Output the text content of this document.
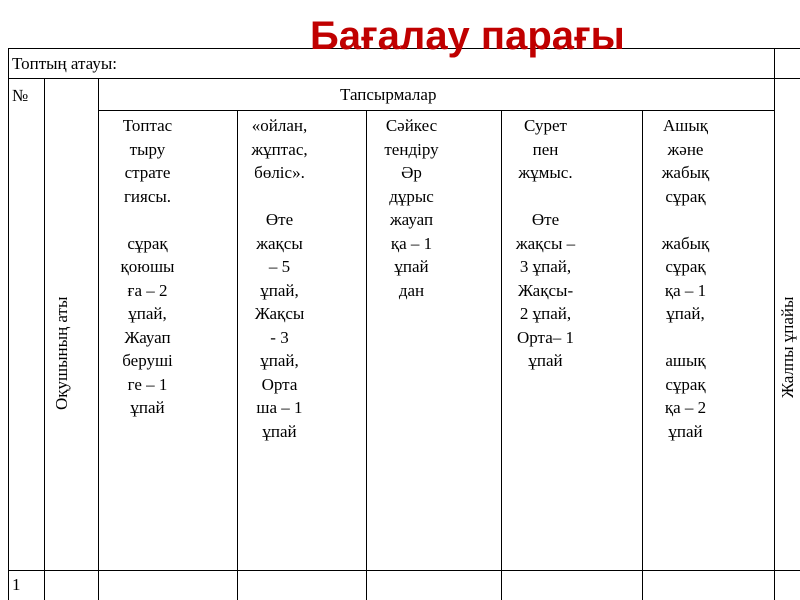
Топтың атауы:
№	Тапсырмалар
Оқушының аты	Жалпы ұпайы
Топтас
тыру
страте
гиясы.

сұрақ
қоюшы
ға – 2
ұпай,
Жауап
беруші
ге – 1
ұпай
«ойлан,
жұптас,
бөліс».

Өте
жақсы
– 5
ұпай,
Жақсы
- 3
ұпай,
Орта
ша – 1
ұпай
Сәйкес
тендіру
Әр
дұрыс
жауап
қа – 1
ұпай
дан
Сурет
пен
жұмыс.

Өте
жақсы –
3 ұпай,
Жақсы-
2 ұпай,
Орта– 1
ұпай
Ашық
және
жабық
сұрақ

жабық
сұрақ
қа – 1
ұпай,

ашық
сұрақ
қа – 2
ұпай
1
Бағалау парағы
